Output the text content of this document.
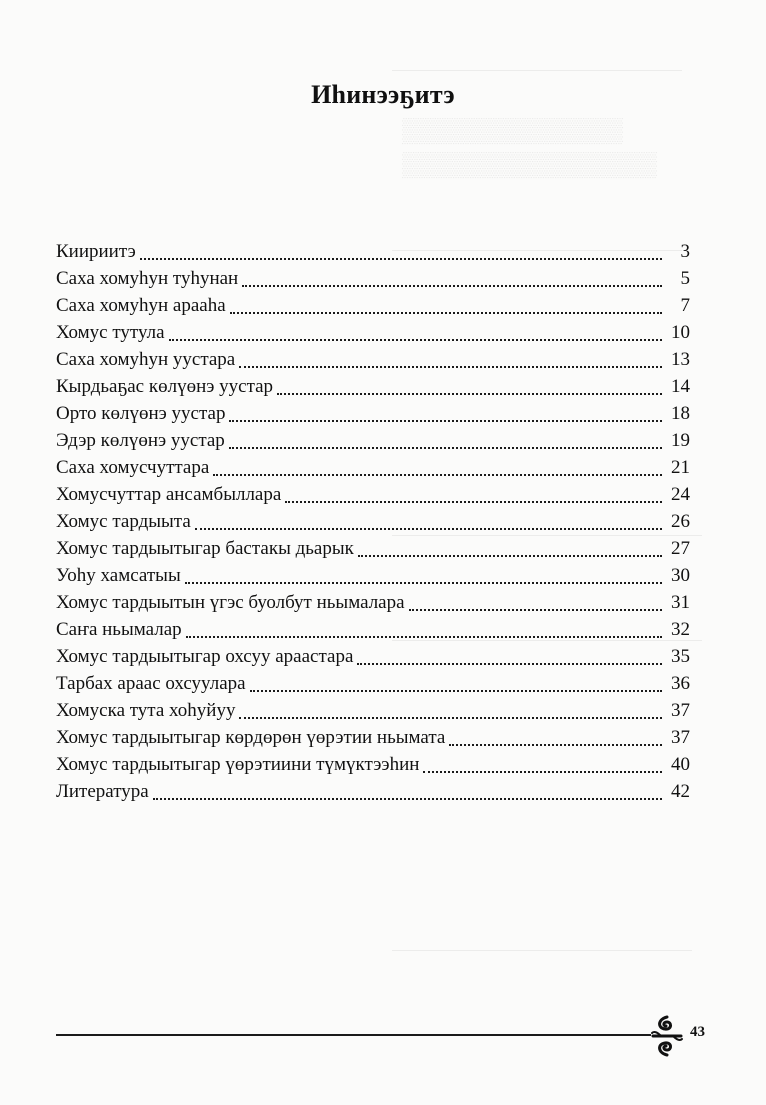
▒▒▒▒▒▒▒▒▒▒▒▒▒
▒▒▒▒▒▒▒▒▒▒▒▒▒▒▒
Иһинээҕитэ
Киириитэ	3
Саха хомуһун туһунан	5
Саха хомуһун арааһа	7
Хомус тутула	10
Саха хомуһун уустара	13
Кырдьаҕас көлүөнэ уустар	14
Орто көлүөнэ уустар	18
Эдэр көлүөнэ уустар	19
Саха хомусчуттара	21
Хомусчуттар ансамбыллара	24
Хомус тардыыта	26
Хомус тардыытыгар бастакы дьарык	27
Уоһу хамсатыы	30
Хомус тардыытын үгэс буолбут ньымалара	31
Саҥа ньымалар	32
Хомус тардыытыгар охсуу араастара	35
Тарбах араас охсуулара	36
Хомуска тута хоһуйуу	37
Хомус тардыытыгар көрдөрөн үөрэтии ньымата	37
Хомус тардыытыгар үөрэтиини түмүктээһин	40
Литература	42
43
